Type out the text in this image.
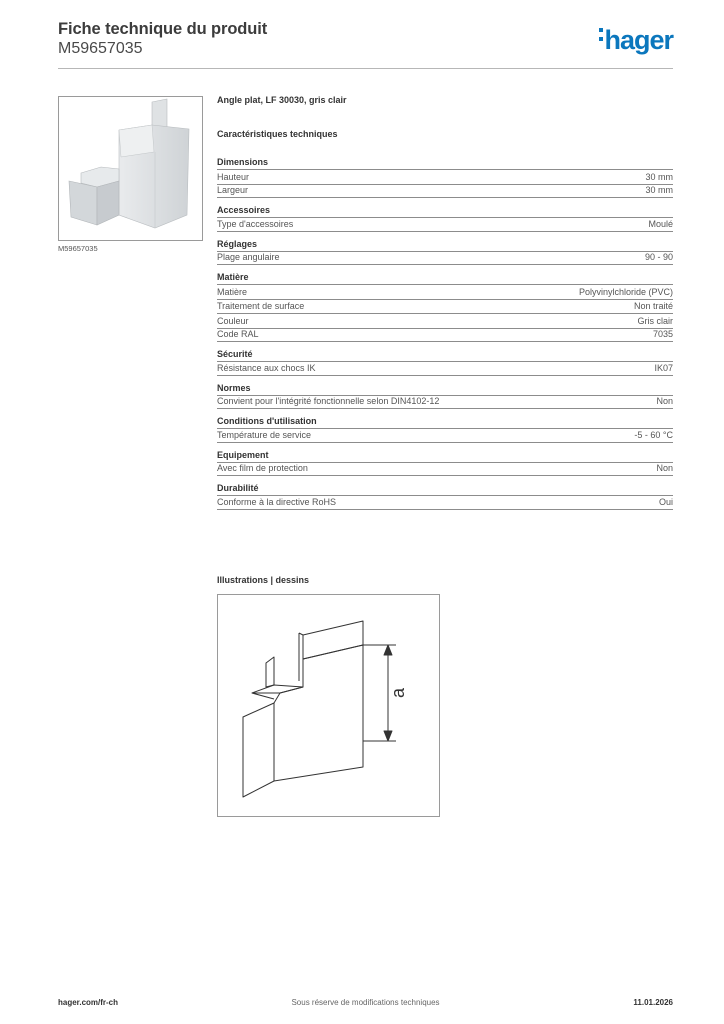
Fiche technique du produit
M59657035	hager
M59657035
Angle plat, LF 30030, gris clair
Caractéristiques techniques
Dimensions
Hauteur	30 mm
Largeur	30 mm
Accessoires
Type d'accessoires	Moulé
Réglages
Plage angulaire	90 - 90
Matière
Matière	Polyvinylchloride (PVC)
Traitement de surface	Non traité
Couleur	Gris clair
Code RAL	7035
Sécurité
Résistance aux chocs IK	IK07
Normes
Convient pour l'intégrité fonctionnelle selon DIN4102-12	Non
Conditions d'utilisation
Température de service	-5 - 60 °C
Equipement
Avec film de protection	Non
Durabilité
Conforme à la directive RoHS	Oui
Illustrations | dessins
a
hager.com/fr-ch	Sous réserve de modifications techniques	11.01.2026
